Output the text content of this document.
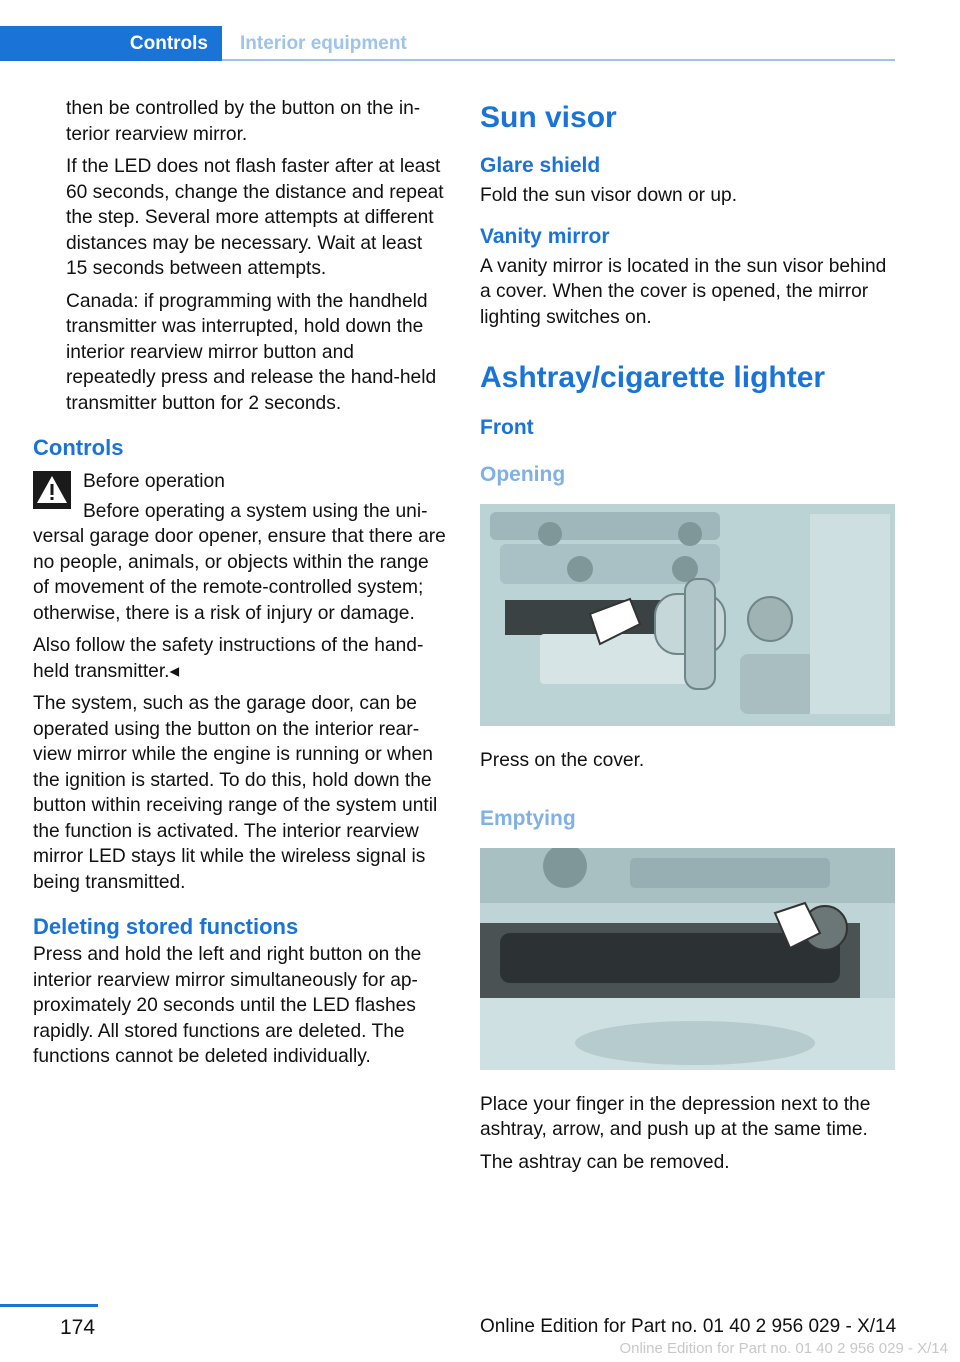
Controls	Interior equipment

then be controlled by the button on the interior rearview mirror.

If the LED does not flash faster after at least 60 seconds, change the distance and repeat the step. Several more attempts at different distances may be necessary. Wait at least 15 seconds between attempts.

Canada: if programming with the handheld transmitter was interrupted, hold down the interior rearview mirror button and repeatedly press and release the hand-held transmitter button for 2 seconds.

Controls

Before operation

Before operating a system using the universal garage door opener, ensure that there are no people, animals, or objects within the range of movement of the remote-controlled system; otherwise, there is a risk of injury or damage.

Also follow the safety instructions of the handheld transmitter.◂

The system, such as the garage door, can be operated using the button on the interior rearview mirror while the engine is running or when the ignition is started. To do this, hold down the button within receiving range of the system until the function is activated. The interior rearview mirror LED stays lit while the wireless signal is being transmitted.

Deleting stored functions

Press and hold the left and right button on the interior rearview mirror simultaneously for approximately 20 seconds until the LED flashes rapidly. All stored functions are deleted. The functions cannot be deleted individually.

Sun visor
Glare shield

Fold the sun visor down or up.

Vanity mirror

A vanity mirror is located in the sun visor behind a cover. When the cover is opened, the mirror lighting switches on.

Ashtray/cigarette lighter
Front
Opening

Press on the cover.

Emptying

Place your finger in the depression next to the ashtray, arrow, and push up at the same time.

The ashtray can be removed.

174	Online Edition for Part no. 01 40 2 956 029 - X/14
Online Edition for Part no. 01 40 2 956 029 - X/14
